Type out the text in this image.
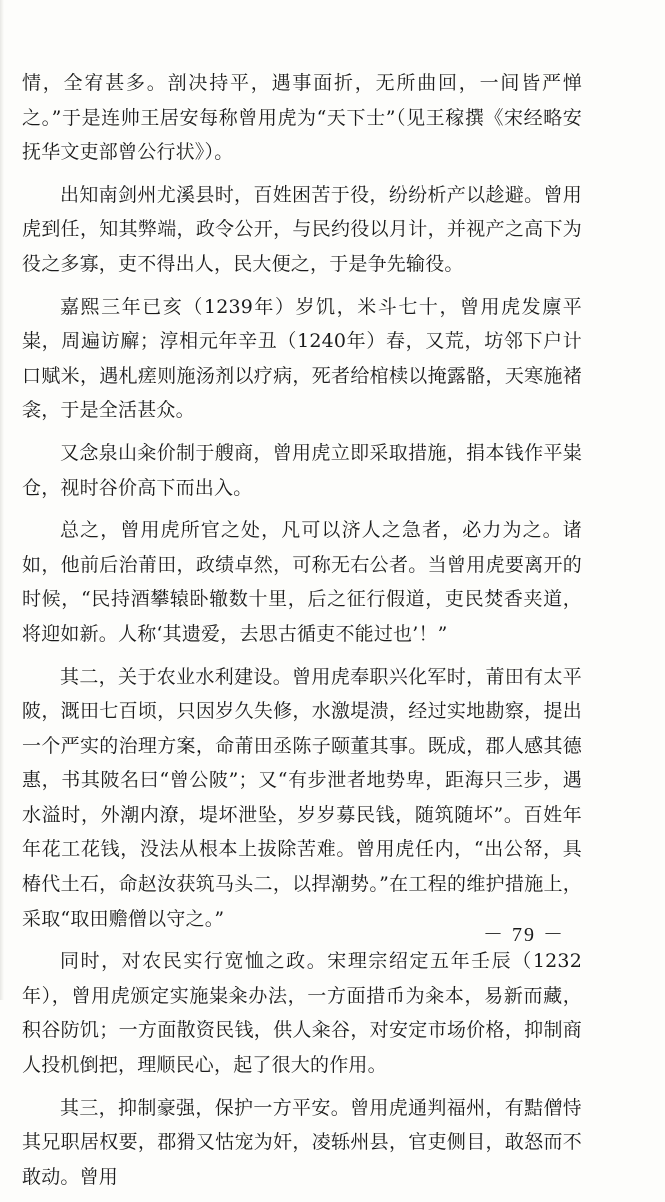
情，全宥甚多。剖决持平，遇事面折，无所曲回，一间皆严惮之。”于是连帅王居安每称曾用虎为“天下士”（见王稼撰《宋经略安抚华文吏部曾公行状》）。

出知南剑州尤溪县时，百姓困苦于役，纷纷析产以趁避。曾用虎到任，知其弊端，政令公开，与民约役以月计，并视产之高下为役之多寡，吏不得出人，民大便之，于是争先输役。

嘉熙三年已亥（1239年）岁饥，米斗七十，曾用虎发廪平粜，周遍访廨；淳相元年辛丑（1240年）春，又荒，坊邻下户计口赋米，遇札瘥则施汤剂以疗病，死者给棺椟以掩露骼，天寒施褚衾，于是全活甚众。

又念泉山籴价制于艘商，曾用虎立即采取措施，捐本钱作平粜仓，视时谷价高下而出入。

总之，曾用虎所官之处，凡可以济人之急者，必力为之。诸如，他前后治莆田，政绩卓然，可称无右公者。当曾用虎要离开的时候，“民持酒攀辕卧辙数十里，后之征行假道，吏民焚香夹道，将迎如新。人称‘其遗爱，去思古循吏不能过也’！”

其二，关于农业水利建设。曾用虎奉职兴化军时，莆田有太平陂，溉田七百顷，只因岁久失修，水激堤溃，经过实地勘察，提出一个严实的治理方案，命莆田丞陈子颐董其事。既成，郡人感其德惠，书其陂名曰“曾公陂”；又“有步泄者地势卑，距海只三步，遇水溢时，外潮内潦，堤坏泄坠，岁岁募民钱，随筑随坏”。百姓年年花工花钱，没法从根本上拔除苦难。曾用虎任内，“出公帑，具椿代土石，命赵汝获筑马头二，以捍潮势。”在工程的维护措施上，采取“取田赡僧以守之。”

同时，对农民实行宽恤之政。宋理宗绍定五年壬辰（1232年），曾用虎颁定实施粜籴办法，一方面措币为籴本，易新而藏，积谷防饥；一方面散资民钱，供人籴谷，对安定市场价格，抑制商人投机倒把，理顺民心，起了很大的作用。

其三，抑制豪强，保护一方平安。曾用虎通判福州，有黠僧恃其兄职居权要，郡猾又怙宠为奸，凌轹州县，官吏侧目，敢怒而不敢动。曾用

－ 79 －
